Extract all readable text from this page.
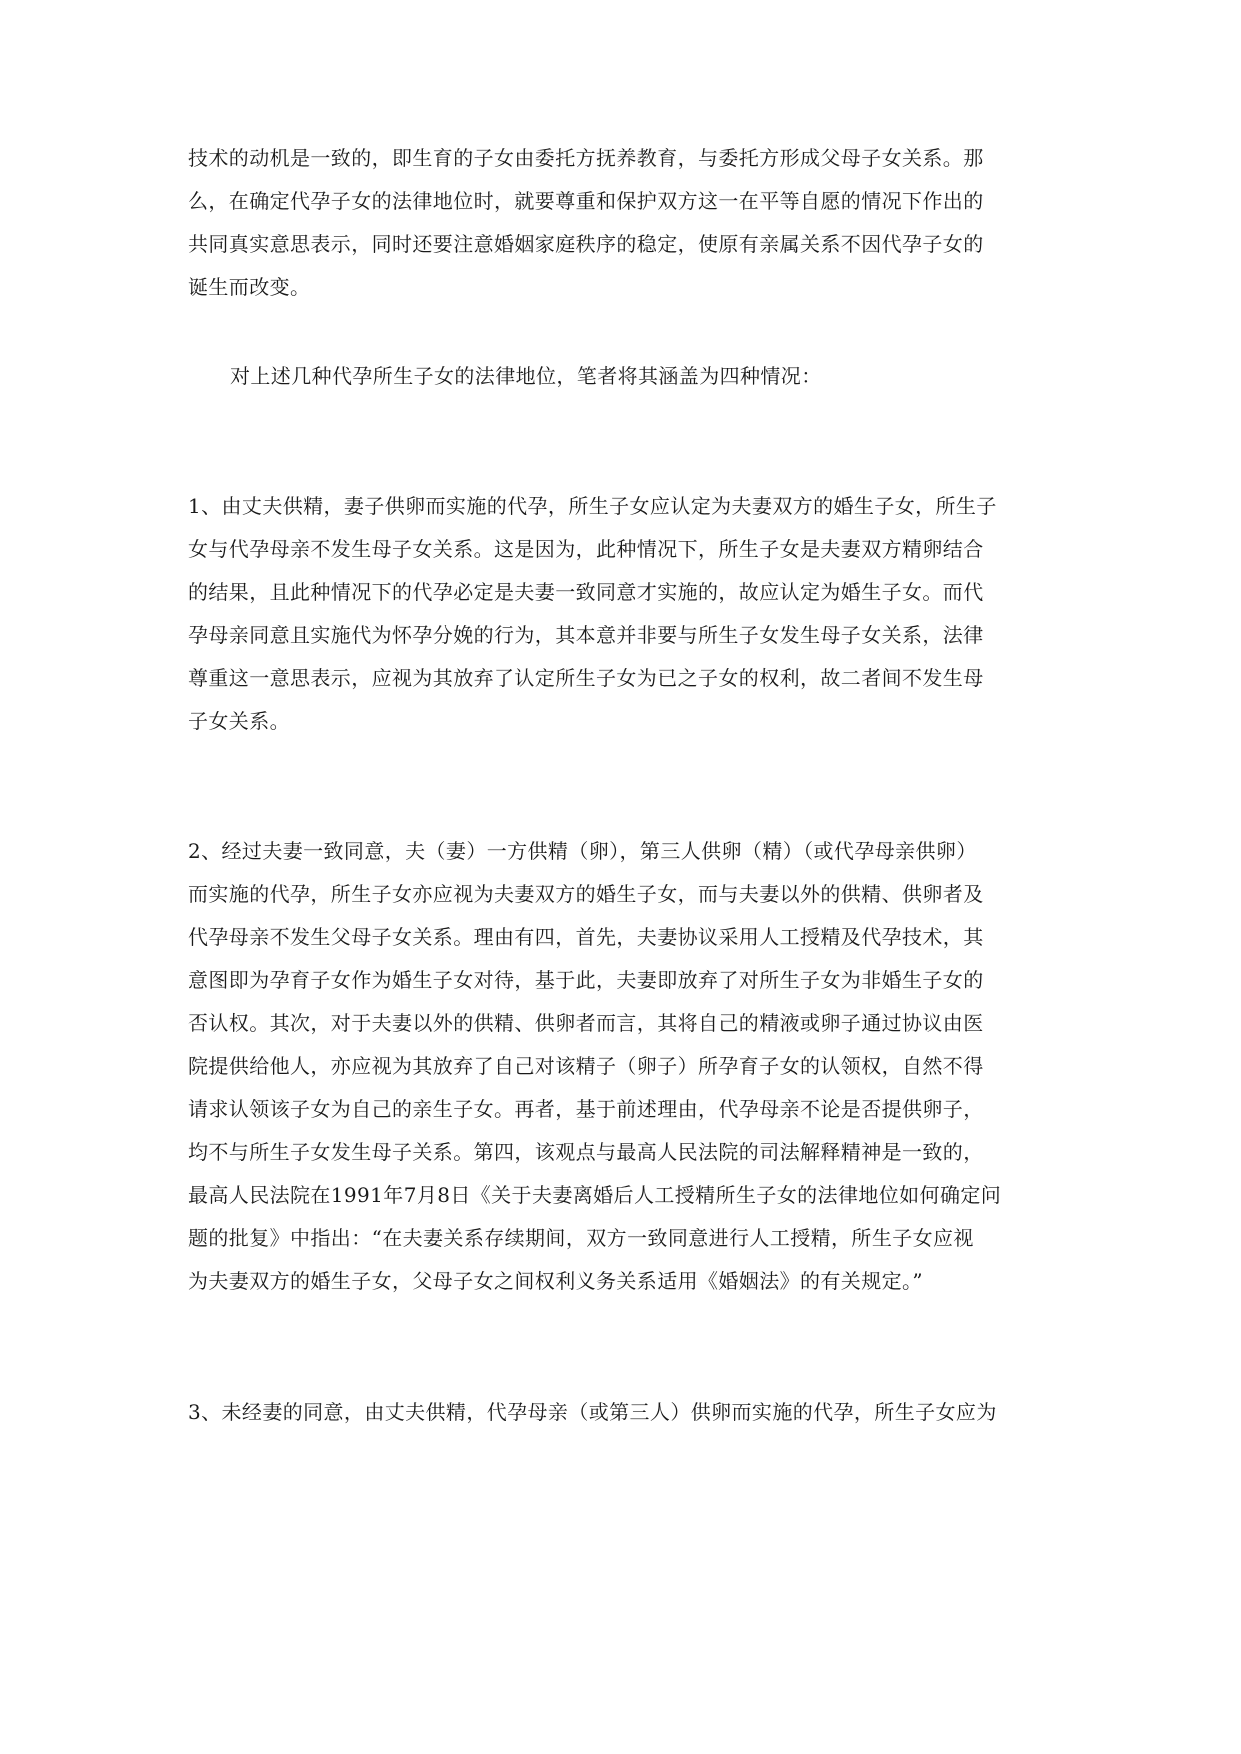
技术的动机是一致的，即生育的子女由委托方抚养教育，与委托方形成父母子女关系。那
么，在确定代孕子女的法律地位时，就要尊重和保护双方这一在平等自愿的情况下作出的
共同真实意思表示，同时还要注意婚姻家庭秩序的稳定，使原有亲属关系不因代孕子女的
诞生而改变。
对上述几种代孕所生子女的法律地位，笔者将其涵盖为四种情况：
1、由丈夫供精，妻子供卵而实施的代孕，所生子女应认定为夫妻双方的婚生子女，所生子
女与代孕母亲不发生母子女关系。这是因为，此种情况下，所生子女是夫妻双方精卵结合
的结果，且此种情况下的代孕必定是夫妻一致同意才实施的，故应认定为婚生子女。而代
孕母亲同意且实施代为怀孕分娩的行为，其本意并非要与所生子女发生母子女关系，法律
尊重这一意思表示，应视为其放弃了认定所生子女为已之子女的权利，故二者间不发生母
子女关系。
2、经过夫妻一致同意，夫（妻）一方供精（卵），第三人供卵（精）（或代孕母亲供卵）
而实施的代孕，所生子女亦应视为夫妻双方的婚生子女，而与夫妻以外的供精、供卵者及
代孕母亲不发生父母子女关系。理由有四，首先，夫妻协议采用人工授精及代孕技术，其
意图即为孕育子女作为婚生子女对待，基于此，夫妻即放弃了对所生子女为非婚生子女的
否认权。其次，对于夫妻以外的供精、供卵者而言，其将自己的精液或卵子通过协议由医
院提供给他人，亦应视为其放弃了自己对该精子（卵子）所孕育子女的认领权，自然不得
请求认领该子女为自己的亲生子女。再者，基于前述理由，代孕母亲不论是否提供卵子，
均不与所生子女发生母子关系。第四，该观点与最高人民法院的司法解释精神是一致的，
最高人民法院在1991年7月8日《关于夫妻离婚后人工授精所生子女的法律地位如何确定问
题的批复》中指出：“在夫妻关系存续期间，双方一致同意进行人工授精，所生子女应视
为夫妻双方的婚生子女，父母子女之间权利义务关系适用《婚姻法》的有关规定。”
3、未经妻的同意，由丈夫供精，代孕母亲（或第三人）供卵而实施的代孕，所生子女应为
